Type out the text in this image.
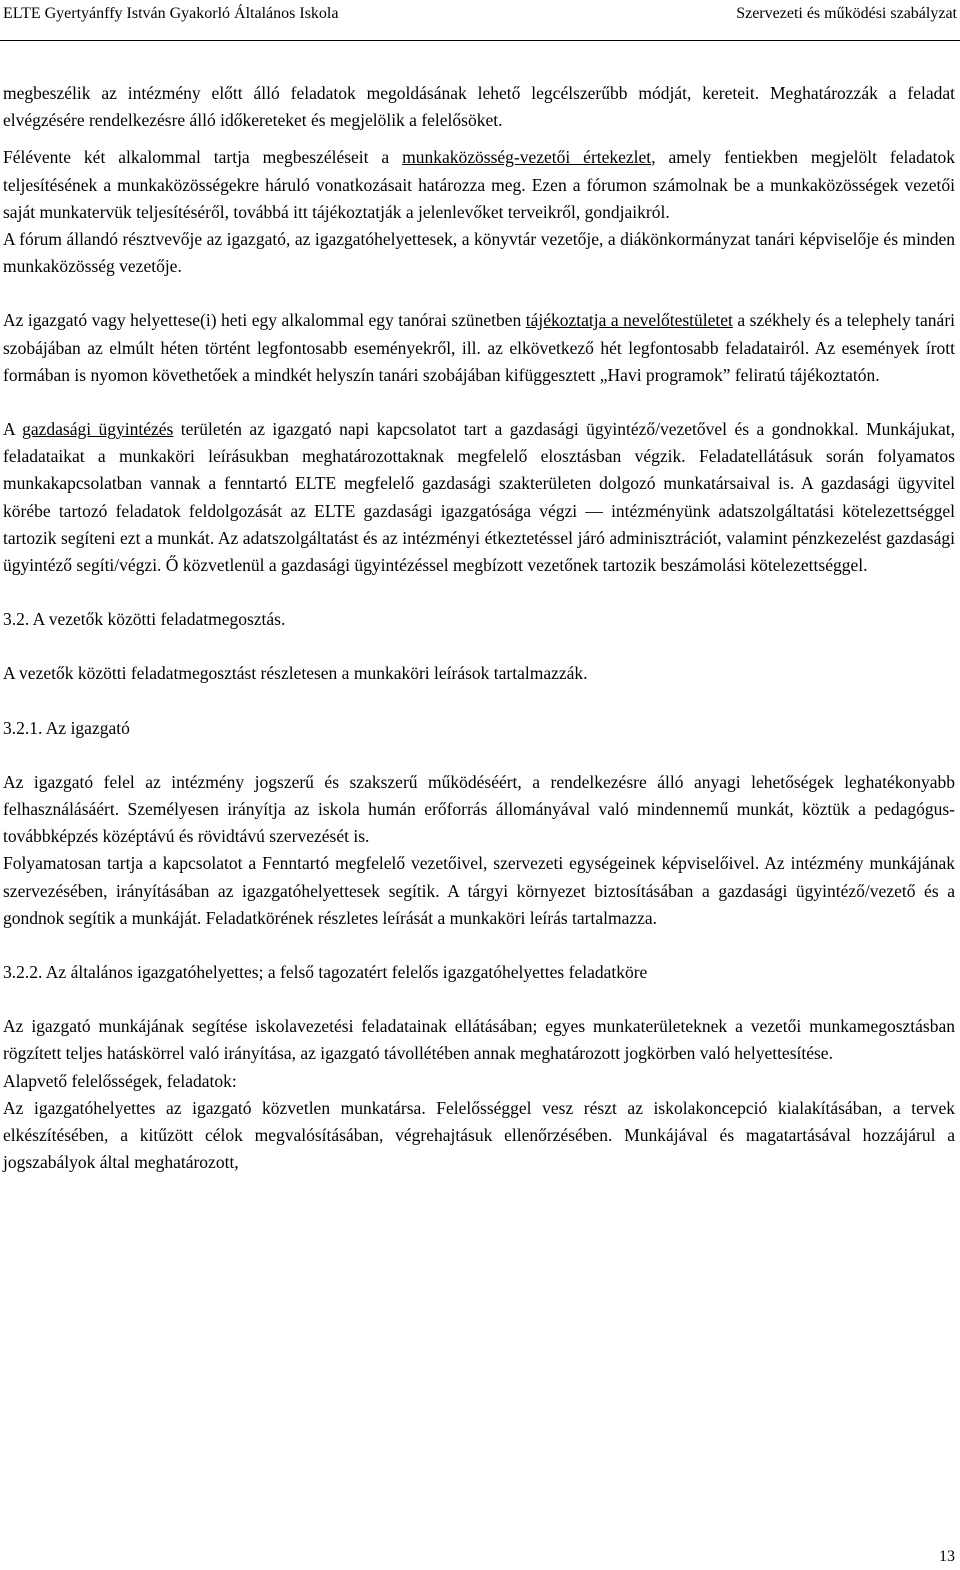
ELTE Gyertyánffy István Gyakorló Általános Iskola	Szervezeti és működési szabályzat

megbeszélik az intézmény előtt álló feladatok megoldásának lehető legcélszerűbb módját, kereteit. Meghatározzák a feladat elvégzésére rendelkezésre álló időkereteket és megjelölik a felelősöket.

Félévente két alkalommal tartja megbeszéléseit a munkaközösség-vezetői értekezlet, amely fentiekben megjelölt feladatok teljesítésének a munkaközösségekre háruló vonatkozásait határozza meg. Ezen a fórumon számolnak be a munkaközösségek vezetői saját munkatervük teljesítéséről, továbbá itt tájékoztatják a jelenlevőket terveikről, gondjaikról.

A fórum állandó résztvevője az igazgató, az igazgatóhelyettesek, a könyvtár vezetője, a diákönkormányzat tanári képviselője és minden munkaközösség vezetője.

Az igazgató vagy helyettese(i) heti egy alkalommal egy tanórai szünetben tájékoztatja a nevelőtestületet a székhely és a telephely tanári szobájában az elmúlt héten történt legfontosabb eseményekről, ill. az elkövetkező hét legfontosabb feladatairól. Az események írott formában is nyomon követhetőek a mindkét helyszín tanári szobájában kifüggesztett „Havi programok” feliratú tájékoztatón.

A gazdasági ügyintézés területén az igazgató napi kapcsolatot tart a gazdasági ügyintéző/vezetővel és a gondnokkal. Munkájukat, feladataikat a munkaköri leírásukban meghatározottaknak megfelelő elosztásban végzik. Feladatellátásuk során folyamatos munkakapcsolatban vannak a fenntartó ELTE megfelelő gazdasági szakterületen dolgozó munkatársaival is. A gazdasági ügyvitel körébe tartozó feladatok feldolgozását az ELTE gazdasági igazgatósága végzi — intézményünk adatszolgáltatási kötelezettséggel tartozik segíteni ezt a munkát. Az adatszolgáltatást és az intézményi étkeztetéssel járó adminisztrációt, valamint pénzkezelést gazdasági ügyintéző segíti/végzi. Ő közvetlenül a gazdasági ügyintézéssel megbízott vezetőnek tartozik beszámolási kötelezettséggel.

3.2. A vezetők közötti feladatmegosztás.

A vezetők közötti feladatmegosztást részletesen a munkaköri leírások tartalmazzák.

3.2.1. Az igazgató

Az igazgató felel az intézmény jogszerű és szakszerű működéséért, a rendelkezésre álló anyagi lehetőségek leghatékonyabb felhasználásáért. Személyesen irányítja az iskola humán erőforrás állományával való mindennemű munkát, köztük a pedagógus-továbbképzés középtávú és rövidtávú szervezését is.

Folyamatosan tartja a kapcsolatot a Fenntartó megfelelő vezetőivel, szervezeti egységeinek képviselőivel. Az intézmény munkájának szervezésében, irányításában az igazgatóhelyettesek segítik. A tárgyi környezet biztosításában a gazdasági ügyintéző/vezető és a gondnok segítik a munkáját. Feladatkörének részletes leírását a munkaköri leírás tartalmazza.

3.2.2. Az általános igazgatóhelyettes; a felső tagozatért felelős igazgatóhelyettes feladatköre

Az igazgató munkájának segítése iskolavezetési feladatainak ellátásában; egyes munkaterületeknek a vezetői munkamegosztásban rögzített teljes hatáskörrel való irányítása, az igazgató távollétében annak meghatározott jogkörben való helyettesítése.

Alapvető felelősségek, feladatok:

Az igazgatóhelyettes az igazgató közvetlen munkatársa. Felelősséggel vesz részt az iskolakoncepció kialakításában, a tervek elkészítésében, a kitűzött célok megvalósításában, végrehajtásuk ellenőrzésében. Munkájával és magatartásával hozzájárul a jogszabályok által meghatározott,

13
